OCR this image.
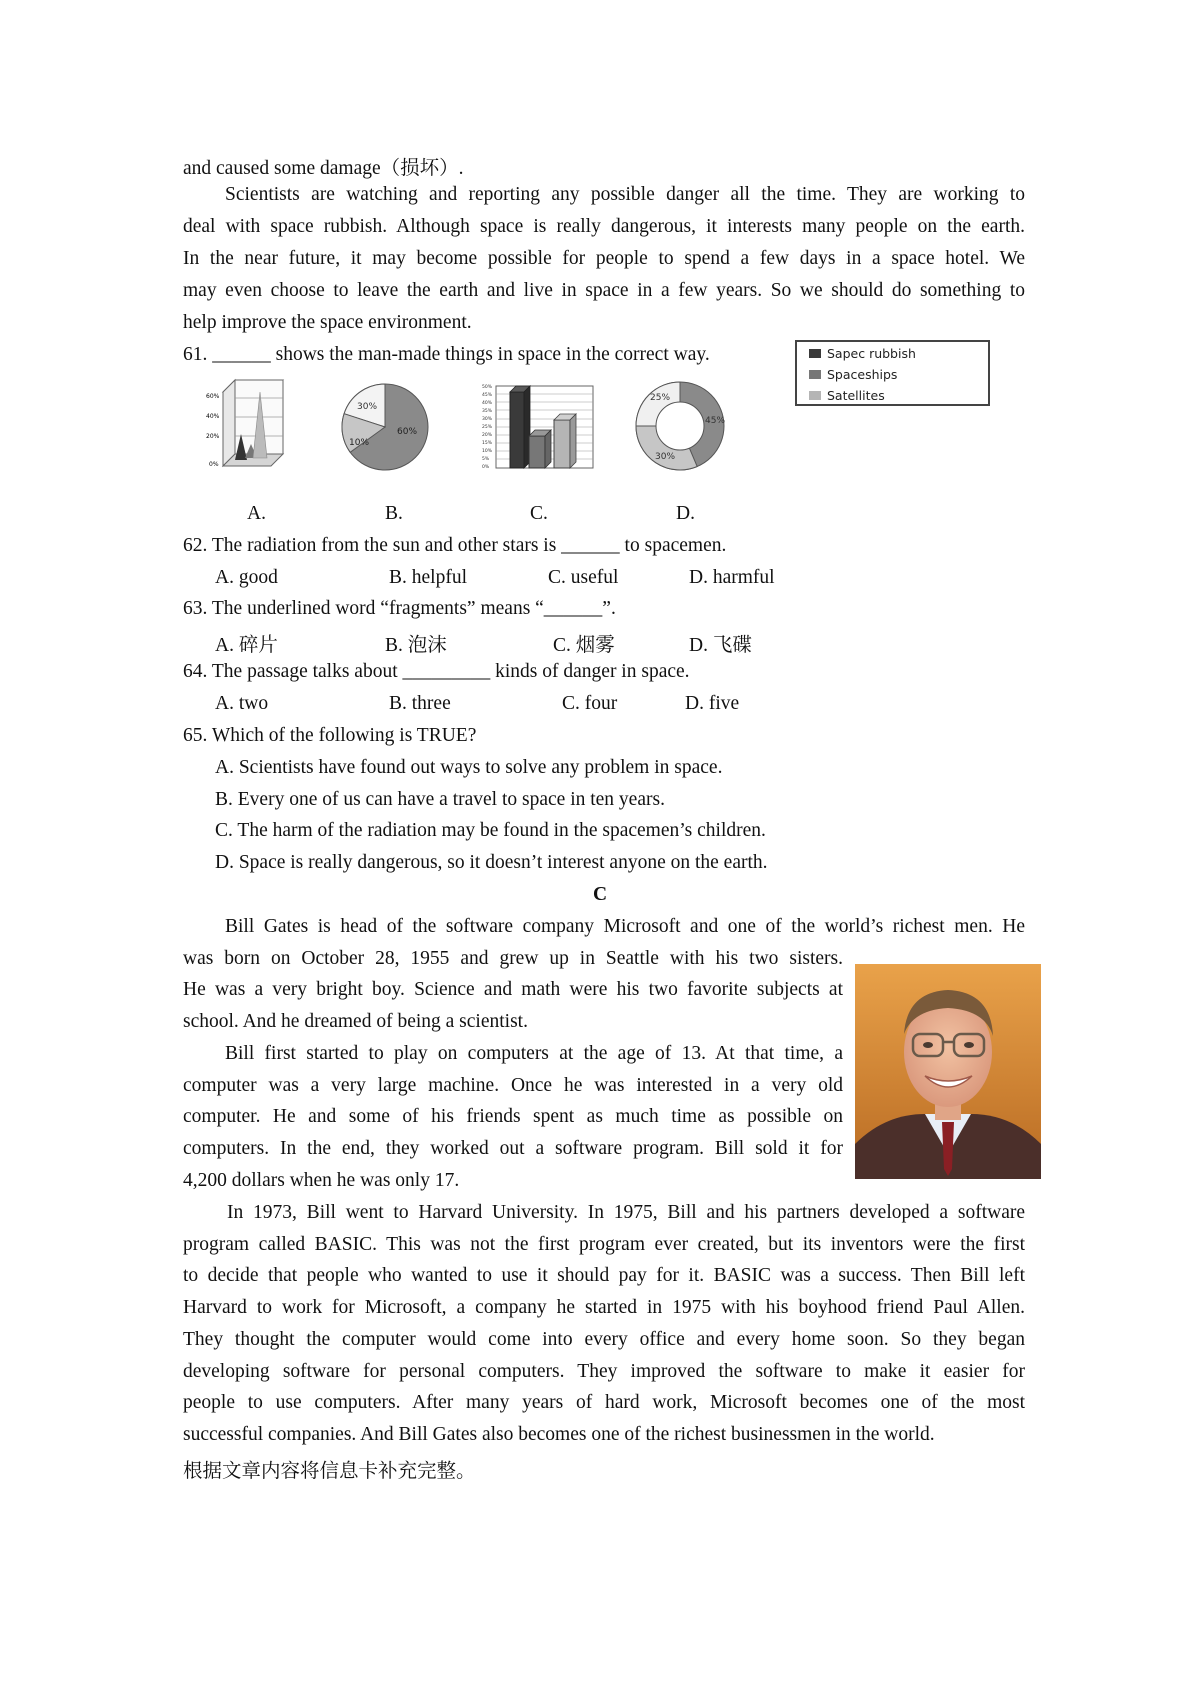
and caused some damage（损坏）.
Scientists are watching and reporting any possible danger all the time. They are working to
deal with space rubbish. Although space is really dangerous, it interests many people on the earth.
In the near future, it may become possible for people to spend a few days in a space hotel. We
may even choose to leave the earth and live in space in a few years. So we should do something to
help improve the space environment.
61. ______ shows the man-made things in space in the correct way.	Sapec rubbish
Spaceships
Satellites
60%
40%
20%
0%
30%
60%
10%
50%
45%
40%
35%
30%
25%
20%
15%
10%
5%
0%
25%
45%
30%
A.	B.	C.	D.
62. The radiation from the sun and other stars is ______ to spacemen.
A. good	B. helpful	C. useful	D. harmful
63. The underlined word “fragments” means “______”.
A. 碎片	B. 泡沫	C. 烟雾	D. 飞碟
64. The passage talks about _________ kinds of danger in space.
A. two	B. three	C. four	D. five
65. Which of the following is TRUE?
A. Scientists have found out ways to solve any problem in space.
B. Every one of us can have a travel to space in ten years.
C. The harm of the radiation may be found in the spacemen’s children.
D. Space is really dangerous, so it doesn’t interest anyone on the earth.
C
Bill Gates is head of the software company Microsoft and one of the world’s richest men. He
was born on October 28, 1955 and grew up in Seattle with his two sisters.
He was a very bright boy. Science and math were his two favorite subjects at
school. And he dreamed of being a scientist.
Bill first started to play on computers at the age of 13. At that time, a
computer was a very large machine. Once he was interested in a very old
computer. He and some of his friends spent as much time as possible on
computers. In the end, they worked out a software program. Bill sold it for
4,200 dollars when he was only 17.
In 1973, Bill went to Harvard University. In 1975, Bill and his partners developed a software
program called BASIC. This was not the first program ever created, but its inventors were the first
to decide that people who wanted to use it should pay for it. BASIC was a success. Then Bill left
Harvard to work for Microsoft, a company he started in 1975 with his boyhood friend Paul Allen.
They thought the computer would come into every office and every home soon. So they began
developing software for personal computers. They improved the software to make it easier for
people to use computers. After many years of hard work, Microsoft becomes one of the most
successful companies. And Bill Gates also becomes one of the richest businessmen in the world.
根据文章内容将信息卡补充完整。
